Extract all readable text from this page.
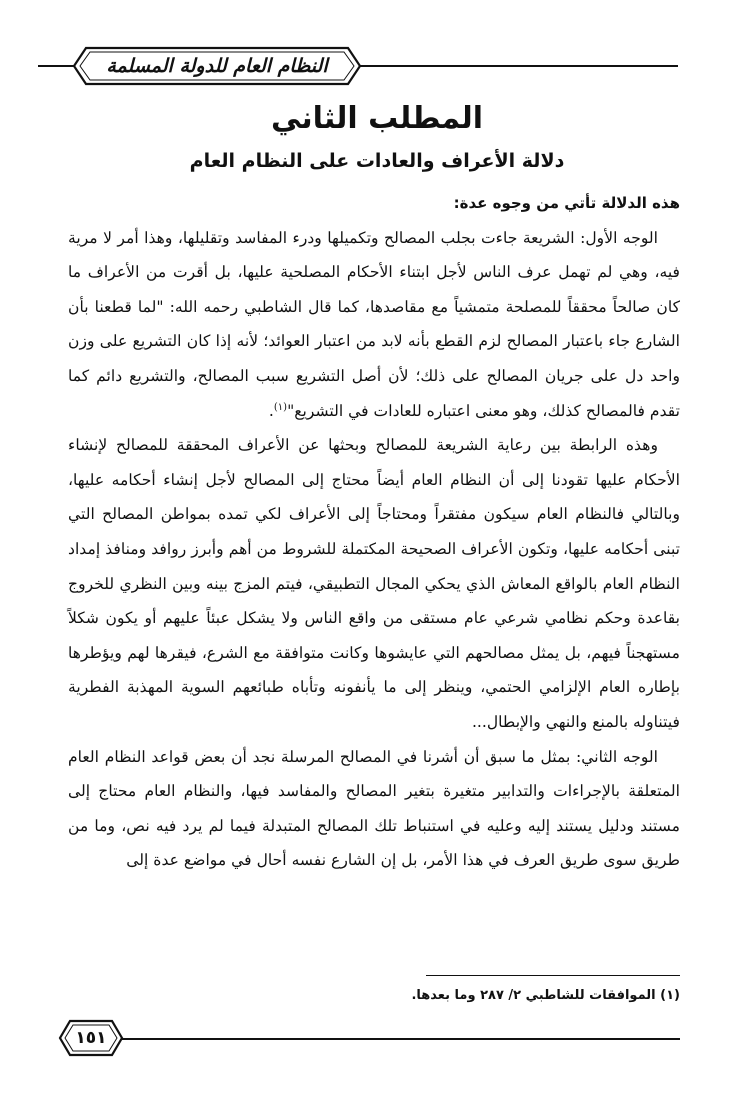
النظام العام للدولة المسلمة
المطلب الثاني
دلالة الأعراف والعادات على النظام العام

هذه الدلالة تأتي من وجوه عدة:

الوجه الأول: الشريعة جاءت بجلب المصالح وتكميلها ودرء المفاسد وتقليلها، وهذا أمر لا مرية فيه، وهي لم تهمل عرف الناس لأجل ابتناء الأحكام المصلحية عليها، بل أقرت من الأعراف ما كان صالحاً محققاً للمصلحة متمشياً مع مقاصدها، كما قال الشاطبي رحمه الله: "لما قطعنا بأن الشارع جاء باعتبار المصالح لزم القطع بأنه لابد من اعتبار العوائد؛ لأنه إذا كان التشريع على وزن واحد دل على جريان المصالح على ذلك؛ لأن أصل التشريع سبب المصالح، والتشريع دائم كما تقدم فالمصالح كذلك، وهو معنى اعتباره للعادات في التشريع"$^{(١)}$.

وهذه الرابطة بين رعاية الشريعة للمصالح وبحثها عن الأعراف المحققة للمصالح لإنشاء الأحكام عليها تقودنا إلى أن النظام العام أيضاً محتاج إلى المصالح لأجل إنشاء أحكامه عليها، وبالتالي فالنظام العام سيكون مفتقراً ومحتاجاً إلى الأعراف لكي تمده بمواطن المصالح التي تبنى أحكامه عليها، وتكون الأعراف الصحيحة المكتملة للشروط من أهم وأبرز روافد ومنافذ إمداد النظام العام بالواقع المعاش الذي يحكي المجال التطبيقي، فيتم المزج بينه وبين النظري للخروج بقاعدة وحكم نظامي شرعي عام مستقى من واقع الناس ولا يشكل عبئاً عليهم أو يكون شكلاً مستهجناً فيهم، بل يمثل مصالحهم التي عايشوها وكانت متوافقة مع الشرع، فيقرها لهم ويؤطرها بإطاره العام الإلزامي الحتمي، وينظر إلى ما يأنفونه وتأباه طبائعهم السوية المهذبة الفطرية فيتناوله بالمنع والنهي والإبطال...

الوجه الثاني: بمثل ما سبق أن أشرنا في المصالح المرسلة نجد أن بعض قواعد النظام العام المتعلقة بالإجراءات والتدابير متغيرة بتغير المصالح والمفاسد فيها، والنظام العام محتاج إلى مستند ودليل يستند إليه وعليه في استنباط تلك المصالح المتبدلة فيما لم يرد فيه نص، وما من طريق سوى طريق العرف في هذا الأمر، بل إن الشارع نفسه أحال في مواضع عدة إلى

(١) الموافقات للشاطبي ٢/ ٢٨٧ وما بعدها.
١٥١
